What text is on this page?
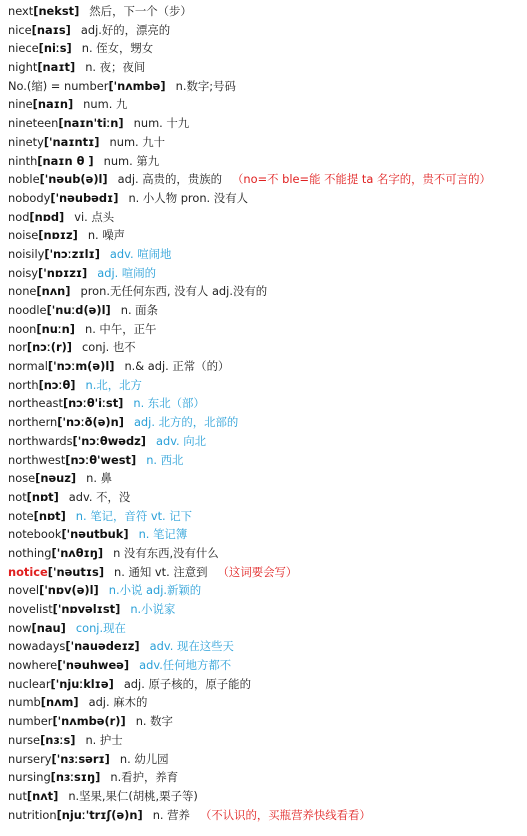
next[nekst] 然后，下一个（步）
nice[naɪs] adj.好的，漂亮的
niece[niːs] n. 侄女，甥女
night[naɪt] n. 夜；夜间
No.(缩) = number['nʌmbə] n.数字;号码
nine[naɪn] num. 九
nineteen[naɪn'tiːn] num. 十九
ninety['naɪntɪ] num. 九十
ninth[naɪn θ ] num. 第九
noble['nəub(ə)l] adj. 高贵的，贵族的 （no=不 ble=能 不能提 ta 名字的，贵不可言的）
nobody['nəubədɪ] n. 小人物 pron. 没有人
nod[nɒd] vi. 点头
noise[nɒɪz] n. 噪声
noisily['nɔːzɪlɪ] adv. 喧闹地
noisy['nɒɪzɪ] adj. 喧闹的
none[nʌn] pron.无任何东西, 没有人 adj.没有的
noodle['nuːd(ə)l] n. 面条
noon[nuːn] n. 中午，正午
nor[nɔː(r)] conj. 也不
normal['nɔːm(ə)l] n.& adj. 正常（的）
north[nɔːθ] n.北，北方
northeast[nɔːθ'iːst] n. 东北（部）
northern['nɔːð(ə)n] adj. 北方的，北部的
northwards['nɔːθwədz] adv. 向北
northwest[nɔːθ'west] n. 西北
nose[nəuz] n. 鼻
not[nɒt] adv. 不，没
note[nɒt] n. 笔记，音符 vt. 记下
notebook['nəutbuk] n. 笔记簿
nothing['nʌθɪŋ] n 没有东西,没有什么
notice['nəutɪs] n. 通知 vt. 注意到 （这词要会写）
novel['nɒv(ə)l] n.小说 adj.新颖的
novelist['nɒvəlɪst] n.小说家
now[nau] conj.现在
nowadays['nauədeɪz] adv. 现在这些天
nowhere['nəuhweə] adv.任何地方都不
nuclear['njuːklɪə] adj. 原子核的，原子能的
numb[nʌm] adj. 麻木的
number['nʌmbə(r)] n. 数字
nurse[nɜːs] n. 护士
nursery['nɜːsərɪ] n. 幼儿园
nursing[nɜːsɪŋ] n.看护，养育
nut[nʌt] n.坚果,果仁(胡桃,栗子等)
nutrition[njuː'trɪʃ(ə)n] n. 营养 （不认识的，买瓶营养快线看看）
